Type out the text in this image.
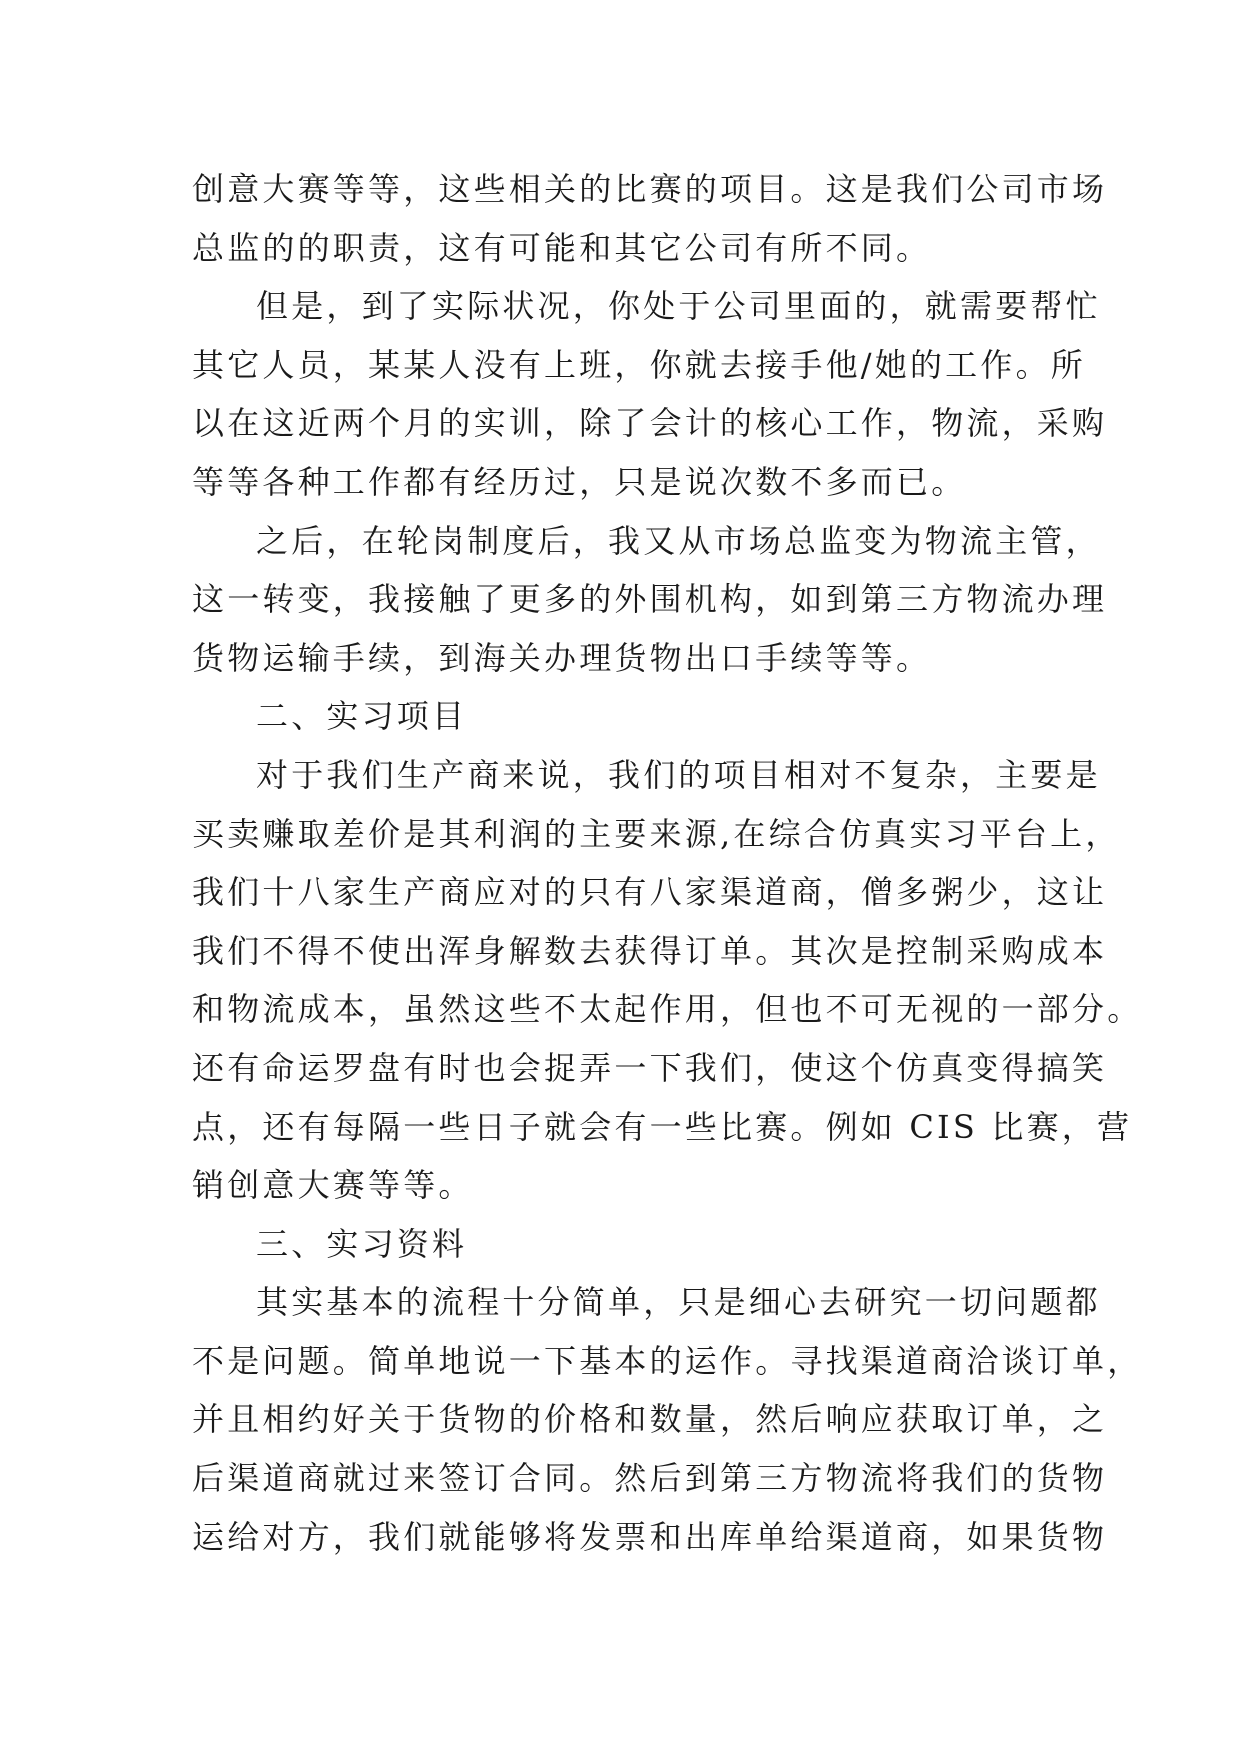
创意大赛等等，这些相关的比赛的项目。这是我们公司市场
总监的的职责，这有可能和其它公司有所不同。
但是，到了实际状况，你处于公司里面的，就需要帮忙
其它人员，某某人没有上班，你就去接手他/她的工作。所
以在这近两个月的实训，除了会计的核心工作，物流，采购
等等各种工作都有经历过，只是说次数不多而已。
之后，在轮岗制度后，我又从市场总监变为物流主管，
这一转变，我接触了更多的外围机构，如到第三方物流办理
货物运输手续，到海关办理货物出口手续等等。
二、实习项目
对于我们生产商来说，我们的项目相对不复杂，主要是
买卖赚取差价是其利润的主要来源,在综合仿真实习平台上，
我们十八家生产商应对的只有八家渠道商，僧多粥少，这让
我们不得不使出浑身解数去获得订单。其次是控制采购成本
和物流成本，虽然这些不太起作用，但也不可无视的一部分。
还有命运罗盘有时也会捉弄一下我们，使这个仿真变得搞笑
点，还有每隔一些日子就会有一些比赛。例如 CIS 比赛，营
销创意大赛等等。
三、实习资料
其实基本的流程十分简单，只是细心去研究一切问题都
不是问题。简单地说一下基本的运作。寻找渠道商洽谈订单，
并且相约好关于货物的价格和数量，然后响应获取订单，之
后渠道商就过来签订合同。然后到第三方物流将我们的货物
运给对方，我们就能够将发票和出库单给渠道商，如果货物
